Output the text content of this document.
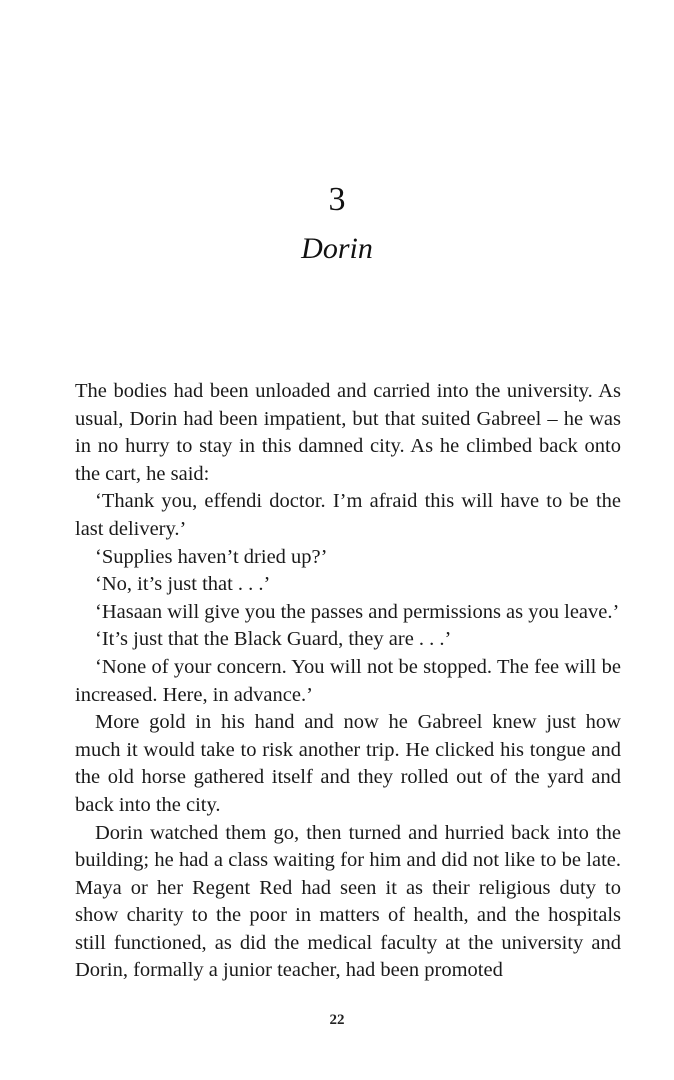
3
Dorin

The bodies had been unloaded and carried into the university. As usual, Dorin had been impatient, but that suited Gabreel – he was in no hurry to stay in this damned city. As he climbed back onto the cart, he said:

‘Thank you, effendi doctor. I’m afraid this will have to be the last delivery.’

‘Supplies haven’t dried up?’

‘No, it’s just that . . .’

‘Hasaan will give you the passes and permissions as you leave.’

‘It’s just that the Black Guard, they are . . .’

‘None of your concern. You will not be stopped. The fee will be increased. Here, in advance.’

More gold in his hand and now he Gabreel knew just how much it would take to risk another trip. He clicked his tongue and the old horse gathered itself and they rolled out of the yard and back into the city.

Dorin watched them go, then turned and hurried back into the building; he had a class waiting for him and did not like to be late. Maya or her Regent Red had seen it as their religious duty to show charity to the poor in matters of health, and the hospitals still functioned, as did the medical faculty at the university and Dorin, formally a junior teacher, had been promoted

22
